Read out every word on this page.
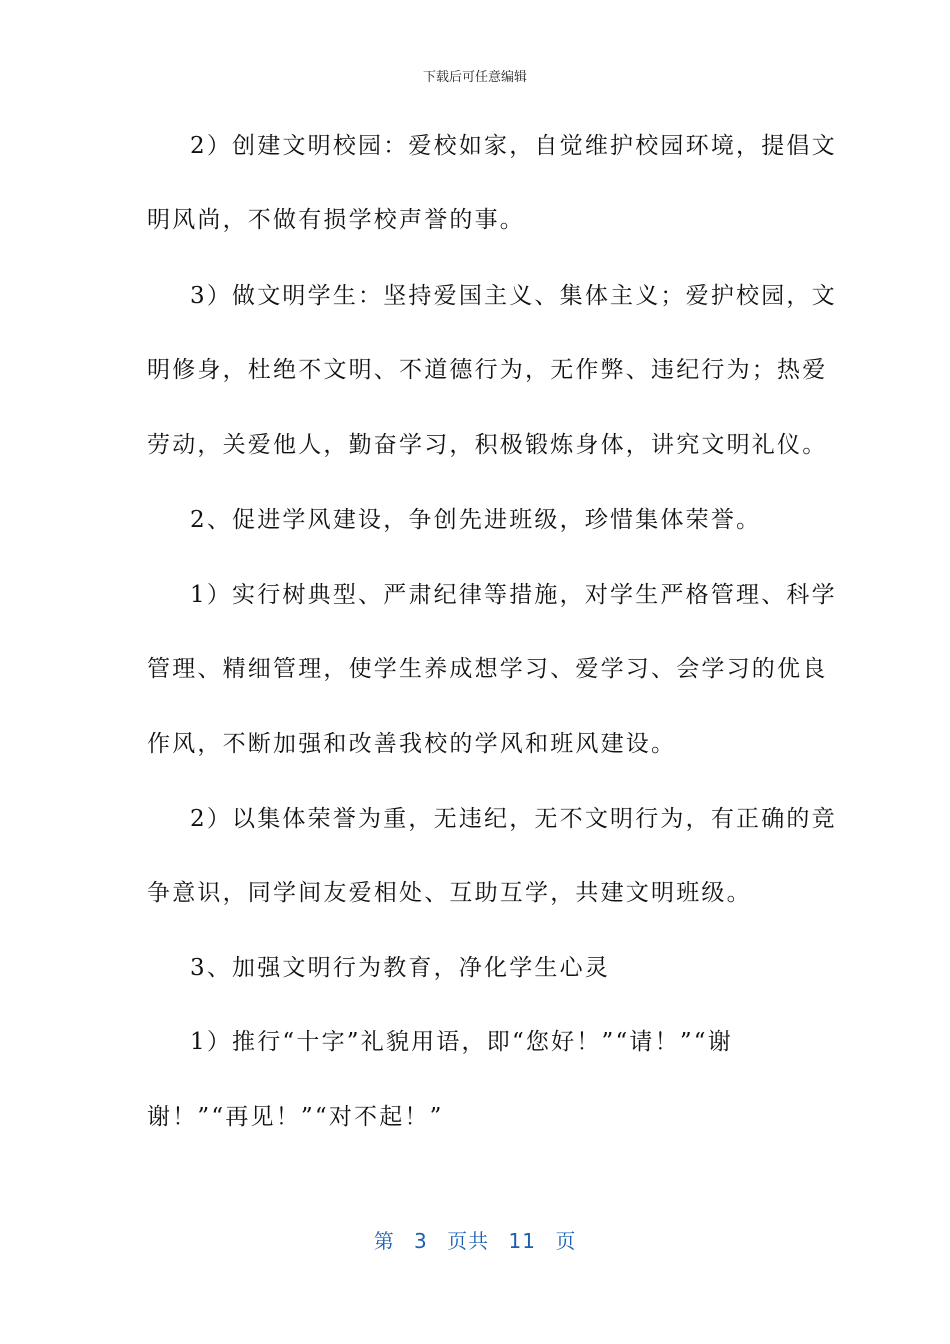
下载后可任意编辑
2）创建文明校园：爱校如家，自觉维护校园环境，提倡文
明风尚，不做有损学校声誉的事。
3）做文明学生：坚持爱国主义、集体主义；爱护校园，文
明修身，杜绝不文明、不道德行为，无作弊、违纪行为；热爱
劳动，关爱他人，勤奋学习，积极锻炼身体，讲究文明礼仪。
2、促进学风建设，争创先进班级，珍惜集体荣誉。
1）实行树典型、严肃纪律等措施，对学生严格管理、科学
管理、精细管理，使学生养成想学习、爱学习、会学习的优良
作风，不断加强和改善我校的学风和班风建设。
2）以集体荣誉为重，无违纪，无不文明行为，有正确的竞
争意识，同学间友爱相处、互助互学，共建文明班级。
3、加强文明行为教育，净化学生心灵
1）推行“十字”礼貌用语，即“您好！”“请！”“谢
谢！”“再见！”“对不起！”
第 3 页共 11 页
